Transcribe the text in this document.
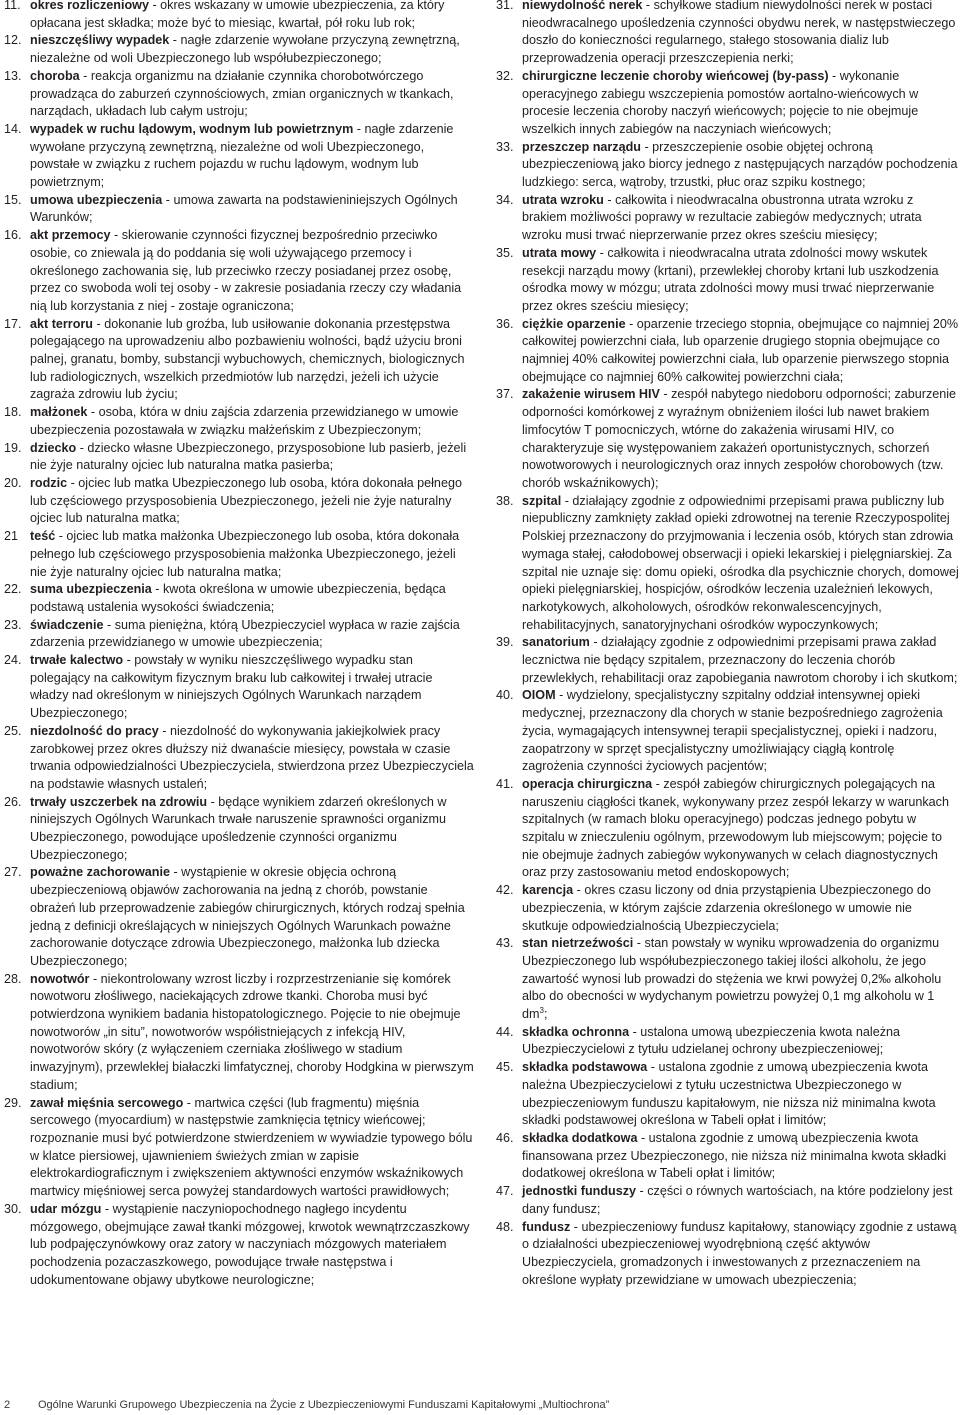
11. okres rozliczeniowy - okres wskazany w umowie ubezpieczenia, za który opłacana jest składka; może być to miesiąc, kwartał, pół roku lub rok;
12. nieszczęśliwy wypadek - nagłe zdarzenie wywołane przyczyną zewnętrzną, niezależne od woli Ubezpieczonego lub współubezpieczonego;
13. choroba - reakcja organizmu na działanie czynnika chorobotwórczego prowadząca do zaburzeń czynnościowych, zmian organicznych w tkankach, narządach, układach lub całym ustroju;
14. wypadek w ruchu lądowym, wodnym lub powietrznym - nagłe zdarzenie wywołane przyczyną zewnętrzną, niezależne od woli Ubezpieczonego, powstałe w związku z ruchem pojazdu w ruchu lądowym, wodnym lub powietrznym;
15. umowa ubezpieczenia - umowa zawarta na podstawieniniejszych Ogólnych Warunków;
16. akt przemocy - skierowanie czynności fizycznej bezpośrednio przeciwko osobie, co zniewala ją do poddania się woli używającego przemocy i określonego zachowania się, lub przeciwko rzeczy posiadanej przez osobę, przez co swoboda woli tej osoby - w zakresie posiadania rzeczy czy władania nią lub korzystania z niej - zostaje ograniczona;
17. akt terroru - dokonanie lub groźba, lub usiłowanie dokonania przestępstwa polegającego na uprowadzeniu albo pozbawieniu wolności, bądź użyciu broni palnej, granatu, bomby, substancji wybuchowych, chemicznych, biologicznych lub radiologicznych, wszelkich przedmiotów lub narzędzi, jeżeli ich użycie zagraża zdrowiu lub życiu;
18. małżonek - osoba, która w dniu zajścia zdarzenia przewidzianego w umowie ubezpieczenia pozostawała w związku małżeńskim z Ubezpieczonym;
19. dziecko - dziecko własne Ubezpieczonego, przysposobione lub pasierb, jeżeli nie żyje naturalny ojciec lub naturalna matka pasierba;
20. rodzic - ojciec lub matka Ubezpieczonego lub osoba, która dokonała pełnego lub częściowego przysposobienia Ubezpieczonego, jeżeli nie żyje naturalny ojciec lub naturalna matka;
21 teść - ojciec lub matka małżonka Ubezpieczonego lub osoba, która dokonała pełnego lub częściowego przysposobienia małżonka Ubezpieczonego, jeżeli nie żyje naturalny ojciec lub naturalna matka;
22. suma ubezpieczenia - kwota określona w umowie ubezpieczenia, będąca podstawą ustalenia wysokości świadczenia;
23. świadczenie - suma pieniężna, którą Ubezpieczyciel wypłaca w razie zajścia zdarzenia przewidzianego w umowie ubezpieczenia;
24. trwałe kalectwo - powstały w wyniku nieszczęśliwego wypadku stan polegający na całkowitym fizycznym braku lub całkowitej i trwałej utracie władzy nad określonym w niniejszych Ogólnych Warunkach narządem Ubezpieczonego;
25. niezdolność do pracy - niezdolność do wykonywania jakiejkolwiek pracy zarobkowej przez okres dłuższy niż dwanaście miesięcy, powstała w czasie trwania odpowiedzialności Ubezpieczyciela, stwierdzona przez Ubezpieczyciela na podstawie własnych ustaleń;
26. trwały uszczerbek na zdrowiu - będące wynikiem zdarzeń określonych w niniejszych Ogólnych Warunkach trwałe naruszenie sprawności organizmu Ubezpieczonego, powodujące upośledzenie czynności organizmu Ubezpieczonego;
27. poważne zachorowanie - wystąpienie w okresie objęcia ochroną ubezpieczeniową objawów zachorowania na jedną z chorób, powstanie obrażeń lub przeprowadzenie zabiegów chirurgicznych, których rodzaj spełnia jedną z definicji określających w niniejszych Ogólnych Warunkach poważne zachorowanie dotyczące zdrowia Ubezpieczonego, małżonka lub dziecka Ubezpieczonego;
28. nowotwór - niekontrolowany wzrost liczby i rozprzestrzenianie się komórek nowotworu złośliwego, naciekających zdrowe tkanki. Choroba musi być potwierdzona wynikiem badania histopatologicznego. Pojęcie to nie obejmuje nowotworów „in situ”, nowotworów współistniejących z infekcją HIV, nowotworów skóry (z wyłączeniem czerniaka złośliwego w stadium inwazyjnym), przewlekłej białaczki limfatycznej, choroby Hodgkina w pierwszym stadium;
29. zawał mięśnia sercowego - martwica części (lub fragmentu) mięśnia sercowego (myocardium) w następstwie zamknięcia tętnicy wieńcowej; rozpoznanie musi być potwierdzone stwierdzeniem w wywiadzie typowego bólu w klatce piersiowej, ujawnieniem świeżych zmian w zapisie elektrokardiograficznym i zwiększeniem aktywności enzymów wskaźnikowych martwicy mięśniowej serca powyżej standardowych wartości prawidłowych;
30. udar mózgu - wystąpienie naczyniopochodnego nagłego incydentu mózgowego, obejmujące zawał tkanki mózgowej, krwotok wewnątrzczaszkowy lub podpajęczynówkowy oraz zatory w naczyniach mózgowych materiałem pochodzenia pozaczaszkowego, powodujące trwałe następstwa i udokumentowane objawy ubytkowe neurologiczne;
31. niewydolność nerek - schyłkowe stadium niewydolności nerek w postaci nieodwracalnego upośledzenia czynności obydwu nerek, w następstwieczego doszło do konieczności regularnego, stałego stosowania dializ lub przeprowadzenia operacji przeszczepienia nerki;
32. chirurgiczne leczenie choroby wieńcowej (by-pass) - wykonanie operacyjnego zabiegu wszczepienia pomostów aortalno-wieńcowych w procesie leczenia choroby naczyń wieńcowych; pojęcie to nie obejmuje wszelkich innych zabiegów na naczyniach wieńcowych;
33. przeszczep narządu - przeszczepienie osobie objętej ochroną ubezpieczeniową jako biorcy jednego z następujących narządów pochodzenia ludzkiego: serca, wątroby, trzustki, płuc oraz szpiku kostnego;
34. utrata wzroku - całkowita i nieodwracalna obustronna utrata wzroku z brakiem możliwości poprawy w rezultacie zabiegów medycznych; utrata wzroku musi trwać nieprzerwanie przez okres sześciu miesięcy;
35. utrata mowy - całkowita i nieodwracalna utrata zdolności mowy wskutek resekcji narządu mowy (krtani), przewlekłej choroby krtani lub uszkodzenia ośrodka mowy w mózgu; utrata zdolności mowy musi trwać nieprzerwanie przez okres sześciu miesięcy;
36. ciężkie oparzenie - oparzenie trzeciego stopnia, obejmujące co najmniej 20% całkowitej powierzchni ciała, lub oparzenie drugiego stopnia obejmujące co najmniej 40% całkowitej powierzchni ciała, lub oparzenie pierwszego stopnia obejmujące co najmniej 60% całkowitej powierzchni ciała;
37. zakażenie wirusem HIV - zespół nabytego niedoboru odporności; zaburzenie odporności komórkowej z wyraźnym obniżeniem ilości lub nawet brakiem limfocytów T pomocniczych, wtórne do zakażenia wirusami HIV, co charakteryzuje się występowaniem zakażeń oportunistycznych, schorzeń nowotworowych i neurologicznych oraz innych zespołów chorobowych (tzw. chorób wskaźnikowych);
38. szpital - działający zgodnie z odpowiednimi przepisami prawa publiczny lub niepubliczny zamknięty zakład opieki zdrowotnej na terenie Rzeczypospolitej Polskiej przeznaczony do przyjmowania i leczenia osób, których stan zdrowia wymaga stałej, całodobowej obserwacji i opieki lekarskiej i pielęgniarskiej. Za szpital nie uznaje się: domu opieki, ośrodka dla psychicznie chorych, domowej opieki pielęgniarskiej, hospicjów, ośrodków leczenia uzależnień lekowych, narkotykowych, alkoholowych, ośrodków rekonwalescencyjnych, rehabilitacyjnych, sanatoryjnychani ośrodków wypoczynkowych;
39. sanatorium - działający zgodnie z odpowiednimi przepisami prawa zakład lecznictwa nie będący szpitalem, przeznaczony do leczenia chorób przewlekłych, rehabilitacji oraz zapobiegania nawrotom choroby i ich skutkom;
40. OIOM - wydzielony, specjalistyczny szpitalny oddział intensywnej opieki medycznej, przeznaczony dla chorych w stanie bezpośredniego zagrożenia życia, wymagających intensywnej terapii specjalistycznej, opieki i nadzoru, zaopatrzony w sprzęt specjalistyczny umożliwiający ciągłą kontrolę zagrożenia czynności życiowych pacjentów;
41. operacja chirurgiczna - zespół zabiegów chirurgicznych polegających na naruszeniu ciągłości tkanek, wykonywany przez zespół lekarzy w warunkach szpitalnych (w ramach bloku operacyjnego) podczas jednego pobytu w szpitalu w znieczuleniu ogólnym, przewodowym lub miejscowym; pojęcie to nie obejmuje żadnych zabiegów wykonywanych w celach diagnostycznych oraz przy zastosowaniu metod endoskopowych;
42. karencja - okres czasu liczony od dnia przystąpienia Ubezpieczonego do ubezpieczenia, w którym zajście zdarzenia określonego w umowie nie skutkuje odpowiedzialnością Ubezpieczyciela;
43. stan nietrzeźwości - stan powstały w wyniku wprowadzenia do organizmu Ubezpieczonego lub współubezpieczonego takiej ilości alkoholu, że jego zawartość wynosi lub prowadzi do stężenia we krwi powyżej 0,2‰ alkoholu albo do obecności w wydychanym powietrzu powyżej 0,1 mg alkoholu w 1 $dm^3$;
44. składka ochronna - ustalona umową ubezpieczenia kwota należna Ubezpieczycielowi z tytułu udzielanej ochrony ubezpieczeniowej;
45. składka podstawowa - ustalona zgodnie z umową ubezpieczenia kwota należna Ubezpieczycielowi z tytułu uczestnictwa Ubezpieczonego w ubezpieczeniowym funduszu kapitałowym, nie niższa niż minimalna kwota składki podstawowej określona w Tabeli opłat i limitów;
46. składka dodatkowa - ustalona zgodnie z umową ubezpieczenia kwota finansowana przez Ubezpieczonego, nie niższa niż minimalna kwota składki dodatkowej określona w Tabeli opłat i limitów;
47. jednostki funduszy - części o równych wartościach, na które podzielony jest dany fundusz;
48. fundusz - ubezpieczeniowy fundusz kapitałowy, stanowiący zgodnie z ustawą o działalności ubezpieczeniowej wyodrębnioną część aktywów Ubezpieczyciela, gromadzonych i inwestowanych z przeznaczeniem na określone wypłaty przewidziane w umowach ubezpieczenia;
2	Ogólne Warunki Grupowego Ubezpieczenia na Życie z Ubezpieczeniowymi Funduszami Kapitałowymi „Multiochrona”
